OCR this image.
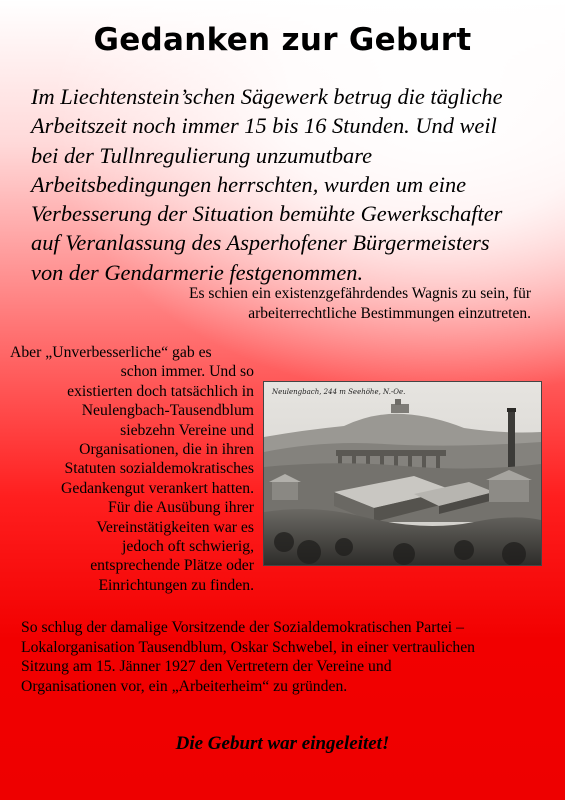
Gedanken zur Geburt
Im Liechtenstein’schen Sägewerk betrug die tägliche
Arbeitszeit noch immer 15 bis 16 Stunden. Und weil
bei der Tullnregulierung unzumutbare
Arbeitsbedingungen herrschten, wurden um eine
Verbesserung der Situation bemühte Gewerkschafter
auf Veranlassung des Asperhofener Bürgermeisters
von der Gendarmerie festgenommen.
Es schien ein existenzgefährdendes Wagnis zu sein, für
arbeiterrechtliche Bestimmungen einzutreten.
Aber „Unverbesserliche“ gab es
schon immer. Und so
existierten doch tatsächlich in
Neulengbach-Tausendblum
siebzehn Vereine und
Organisationen, die in ihren
Statuten sozialdemokratisches
Gedankengut verankert hatten.
Für die Ausübung ihrer
Vereinstätigkeiten war es
jedoch oft schwierig,
entsprechende Plätze oder
Einrichtungen zu finden.
Neulengbach, 244 m Seehöhe, N.-Oe.
So schlug der damalige Vorsitzende der Sozialdemokratischen Partei –
Lokalorganisation Tausendblum, Oskar Schwebel, in einer vertraulichen
Sitzung am 15. Jänner 1927 den Vertretern der Vereine und
Organisationen vor, ein „Arbeiterheim“ zu gründen.
Die Geburt war eingeleitet!
